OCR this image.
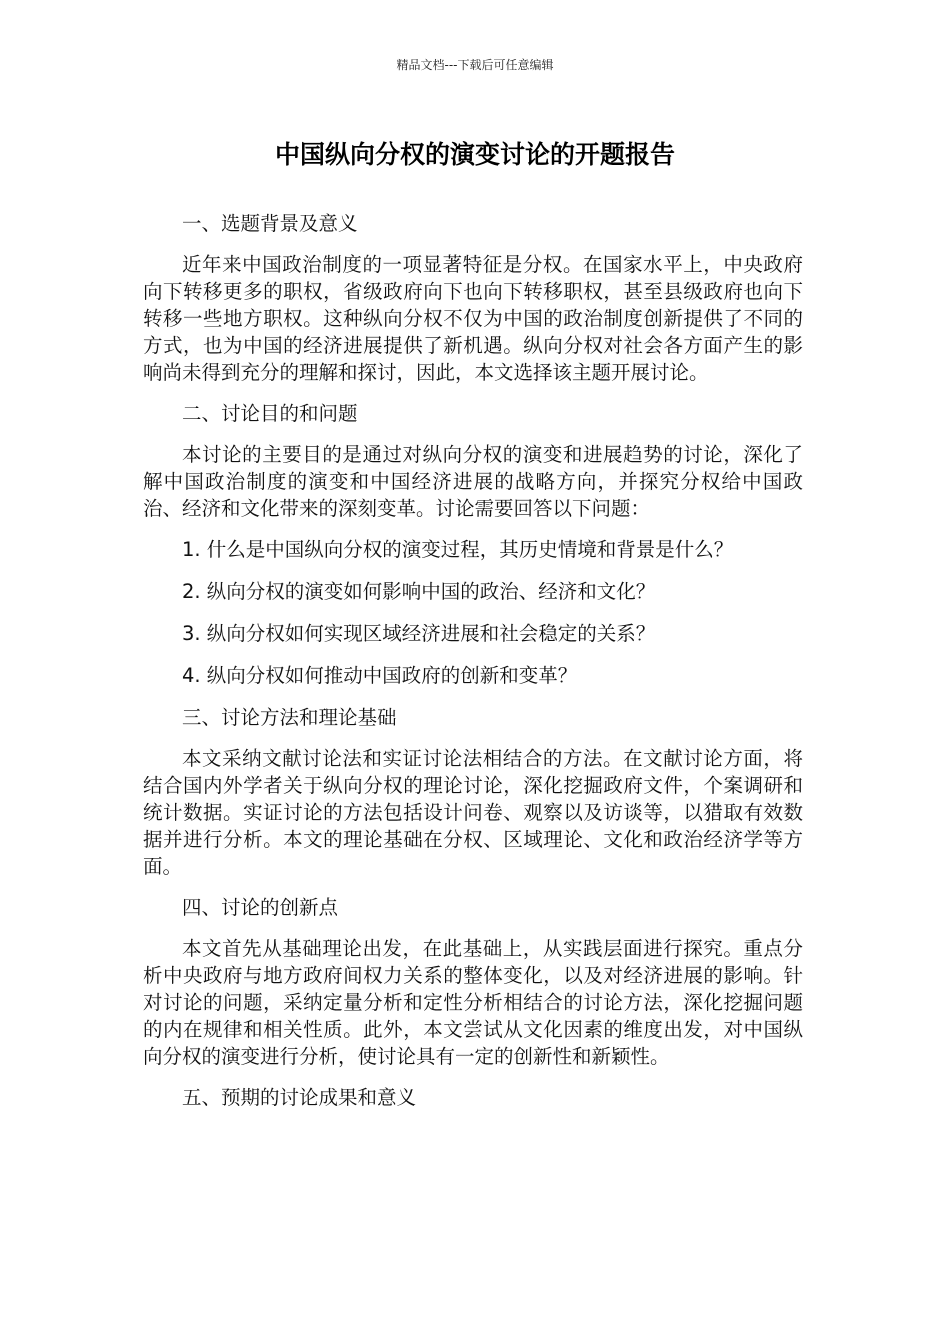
精品文档---下载后可任意编辑
中国纵向分权的演变讨论的开题报告
一、选题背景及意义

近年来中国政治制度的一项显著特征是分权。在国家水平上，中央政府向下转移更多的职权，省级政府向下也向下转移职权，甚至县级政府也向下转移一些地方职权。这种纵向分权不仅为中国的政治制度创新提供了不同的方式，也为中国的经济进展提供了新机遇。纵向分权对社会各方面产生的影响尚未得到充分的理解和探讨，因此，本文选择该主题开展讨论。

二、讨论目的和问题

本讨论的主要目的是通过对纵向分权的演变和进展趋势的讨论，深化了解中国政治制度的演变和中国经济进展的战略方向，并探究分权给中国政治、经济和文化带来的深刻变革。讨论需要回答以下问题：

1. 什么是中国纵向分权的演变过程，其历史情境和背景是什么？
2. 纵向分权的演变如何影响中国的政治、经济和文化？
3. 纵向分权如何实现区域经济进展和社会稳定的关系？
4. 纵向分权如何推动中国政府的创新和变革？
三、讨论方法和理论基础

本文采纳文献讨论法和实证讨论法相结合的方法。在文献讨论方面，将结合国内外学者关于纵向分权的理论讨论，深化挖掘政府文件，个案调研和统计数据。实证讨论的方法包括设计问卷、观察以及访谈等，以猎取有效数据并进行分析。本文的理论基础在分权、区域理论、文化和政治经济学等方面。

四、讨论的创新点

本文首先从基础理论出发，在此基础上，从实践层面进行探究。重点分析中央政府与地方政府间权力关系的整体变化，以及对经济进展的影响。针对讨论的问题，采纳定量分析和定性分析相结合的讨论方法，深化挖掘问题的内在规律和相关性质。此外，本文尝试从文化因素的维度出发，对中国纵向分权的演变进行分析，使讨论具有一定的创新性和新颖性。

五、预期的讨论成果和意义
